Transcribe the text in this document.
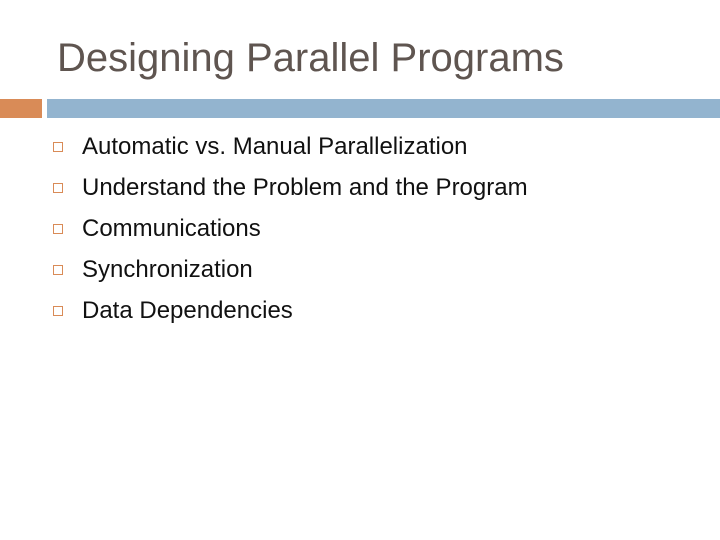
Designing Parallel Programs
Automatic vs. Manual Parallelization
Understand the Problem and the Program
Communications
Synchronization
Data Dependencies
